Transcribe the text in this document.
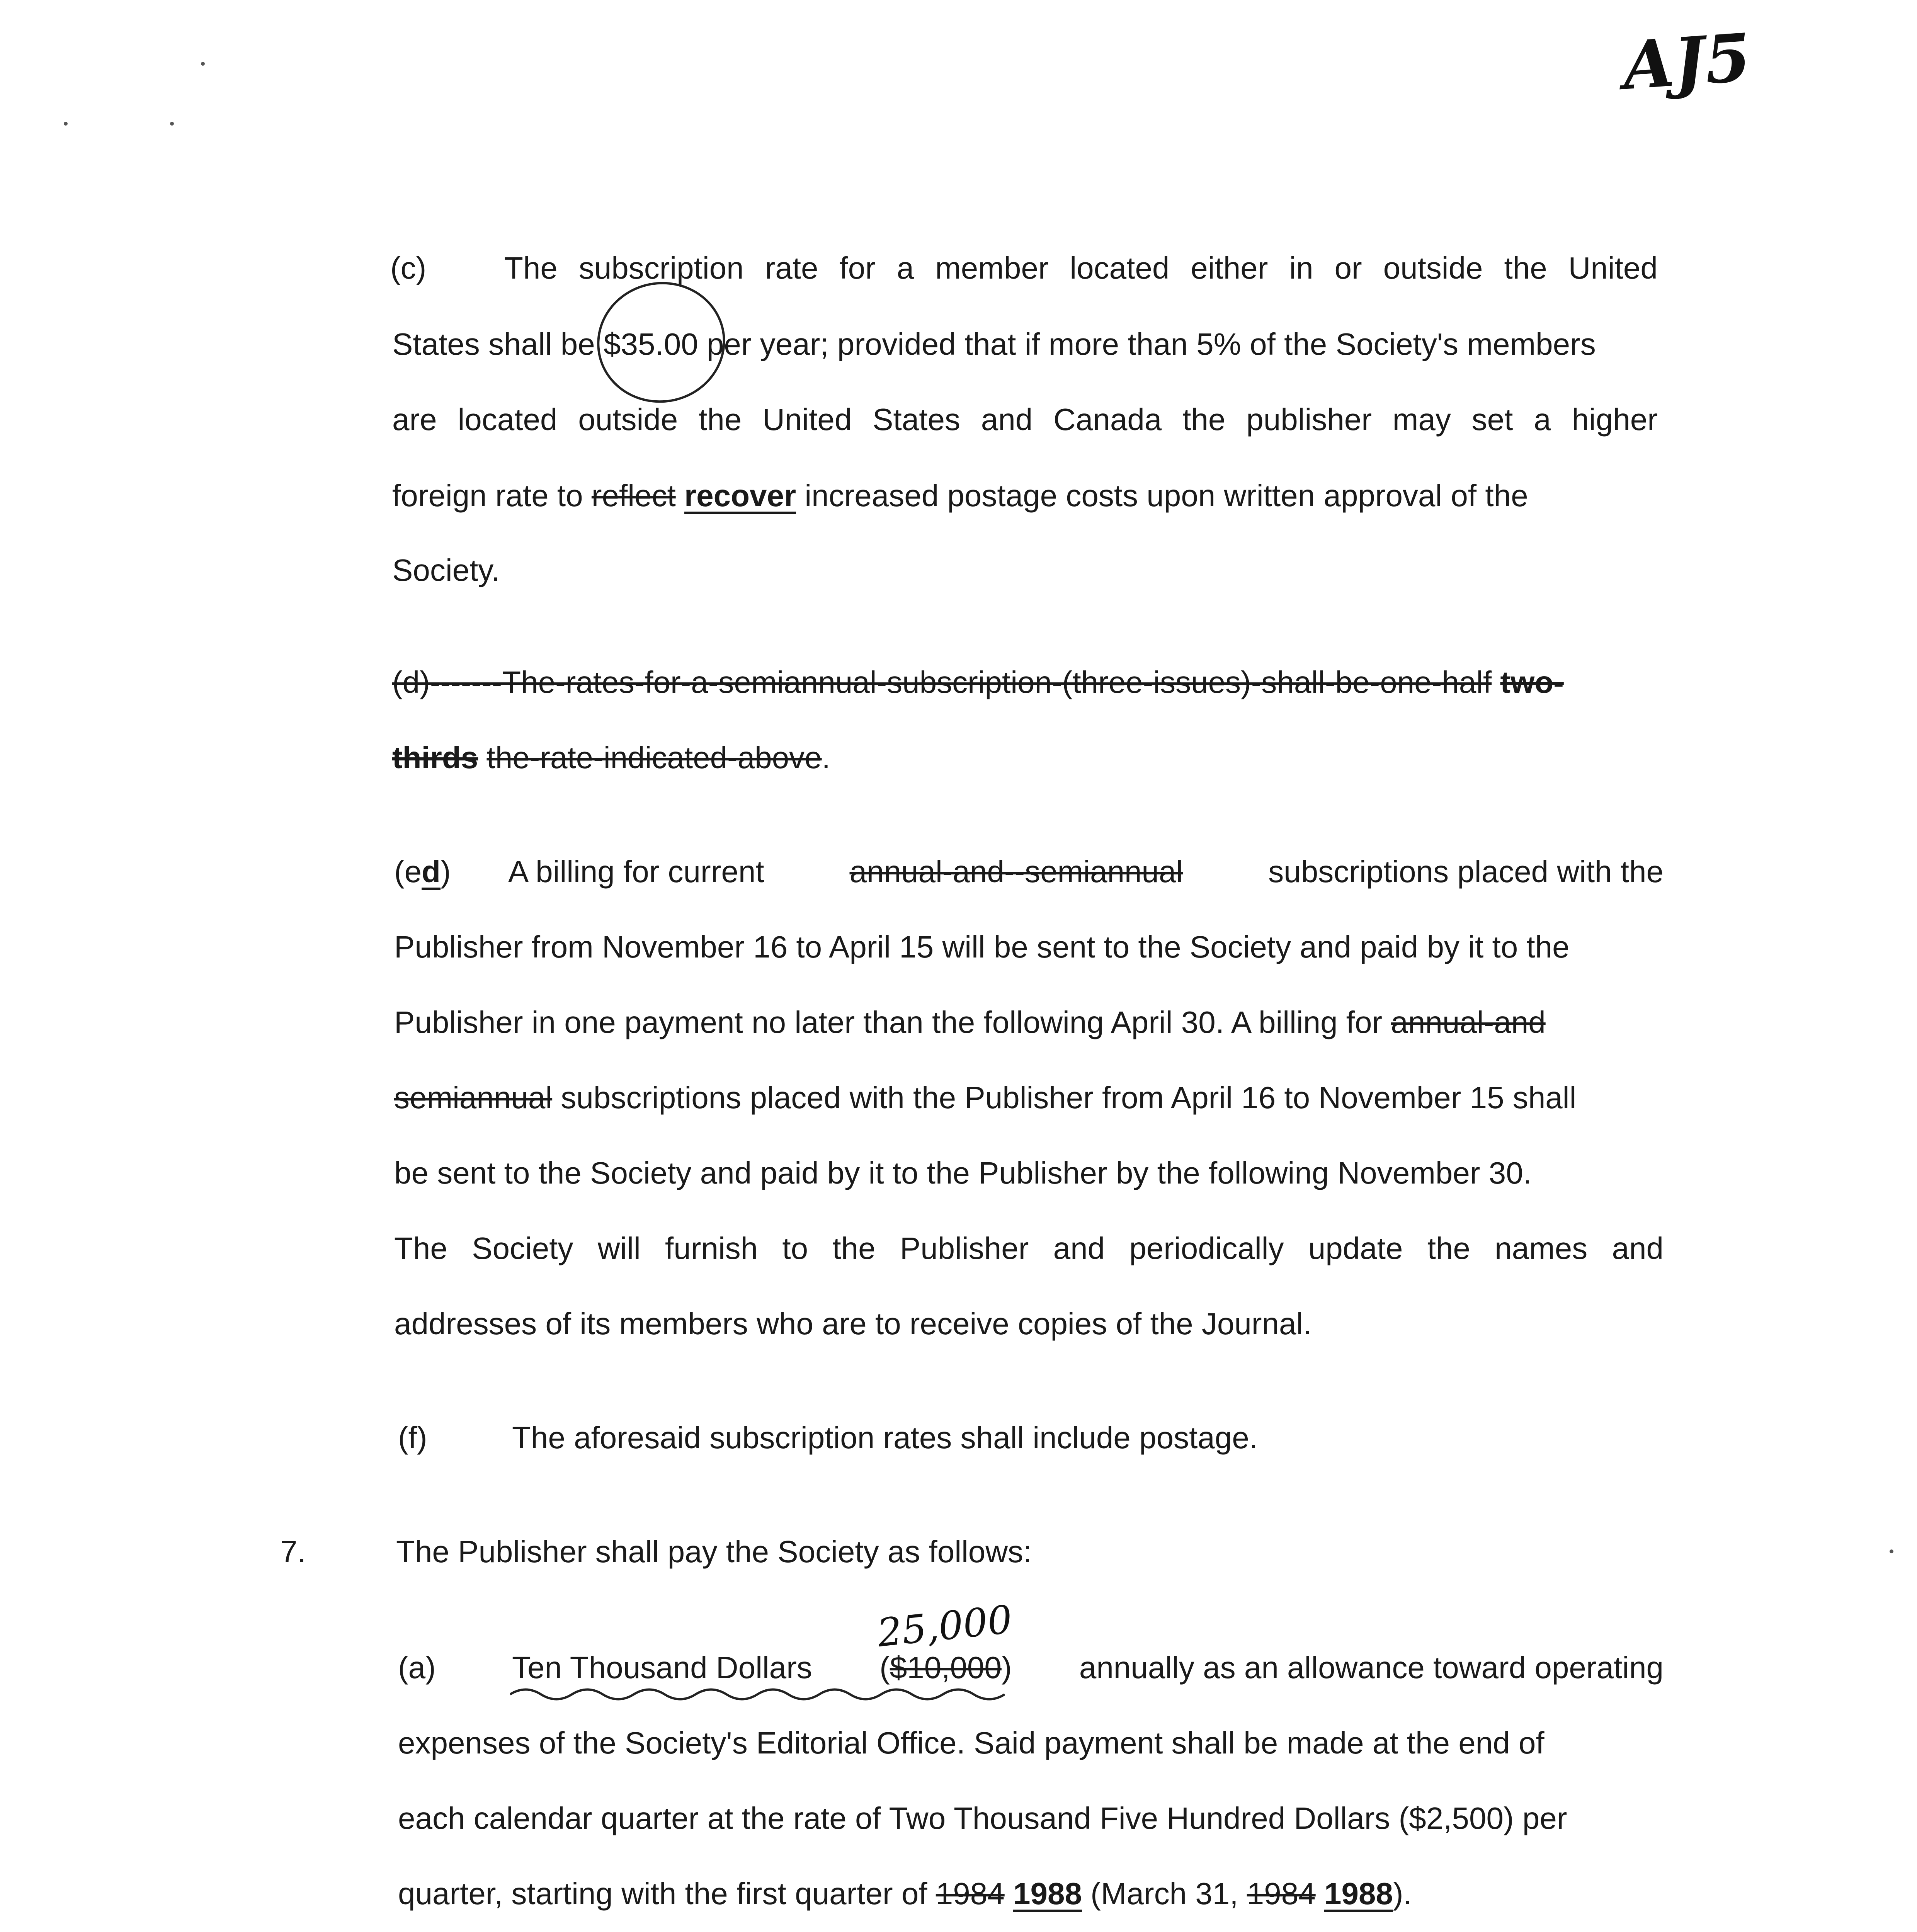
AJ5
(c)	The subscription rate for a member located either in or outside the United
States shall be $35.00 per year; provided that if more than 5% of the Society's members
are located outside the United States and Canada the publisher may set a higher
foreign rate to reflect recover increased postage costs upon written approval of the
Society.
(d)-------The-rates-for-a-semiannual-subscription-(three-issues)-shall-be-one-half two-
thirds the-rate-indicated-above.
(ed) A billing for current	annual-and--semiannual	subscriptions placed with the
Publisher from November 16 to April 15 will be sent to the Society and paid by it to the
Publisher in one payment no later than the following April 30. A billing for annual-and
semiannual subscriptions placed with the Publisher from April 16 to November 15 shall
be sent to the Society and paid by it to the Publisher by the following November 30.
The Society will furnish to the Publisher and periodically update the names and
addresses of its members who are to receive copies of the Journal.
(f)	The aforesaid subscription rates shall include postage.
7.	The Publisher shall pay the Society as follows:
25,000
(a) Ten Thousand Dollars ($10,000) annually as an allowance toward operating
expenses of the Society's Editorial Office. Said payment shall be made at the end of
each calendar quarter at the rate of Two Thousand Five Hundred Dollars ($2,500) per
quarter, starting with the first quarter of 1984 1988 (March 31, 1984 1988).
